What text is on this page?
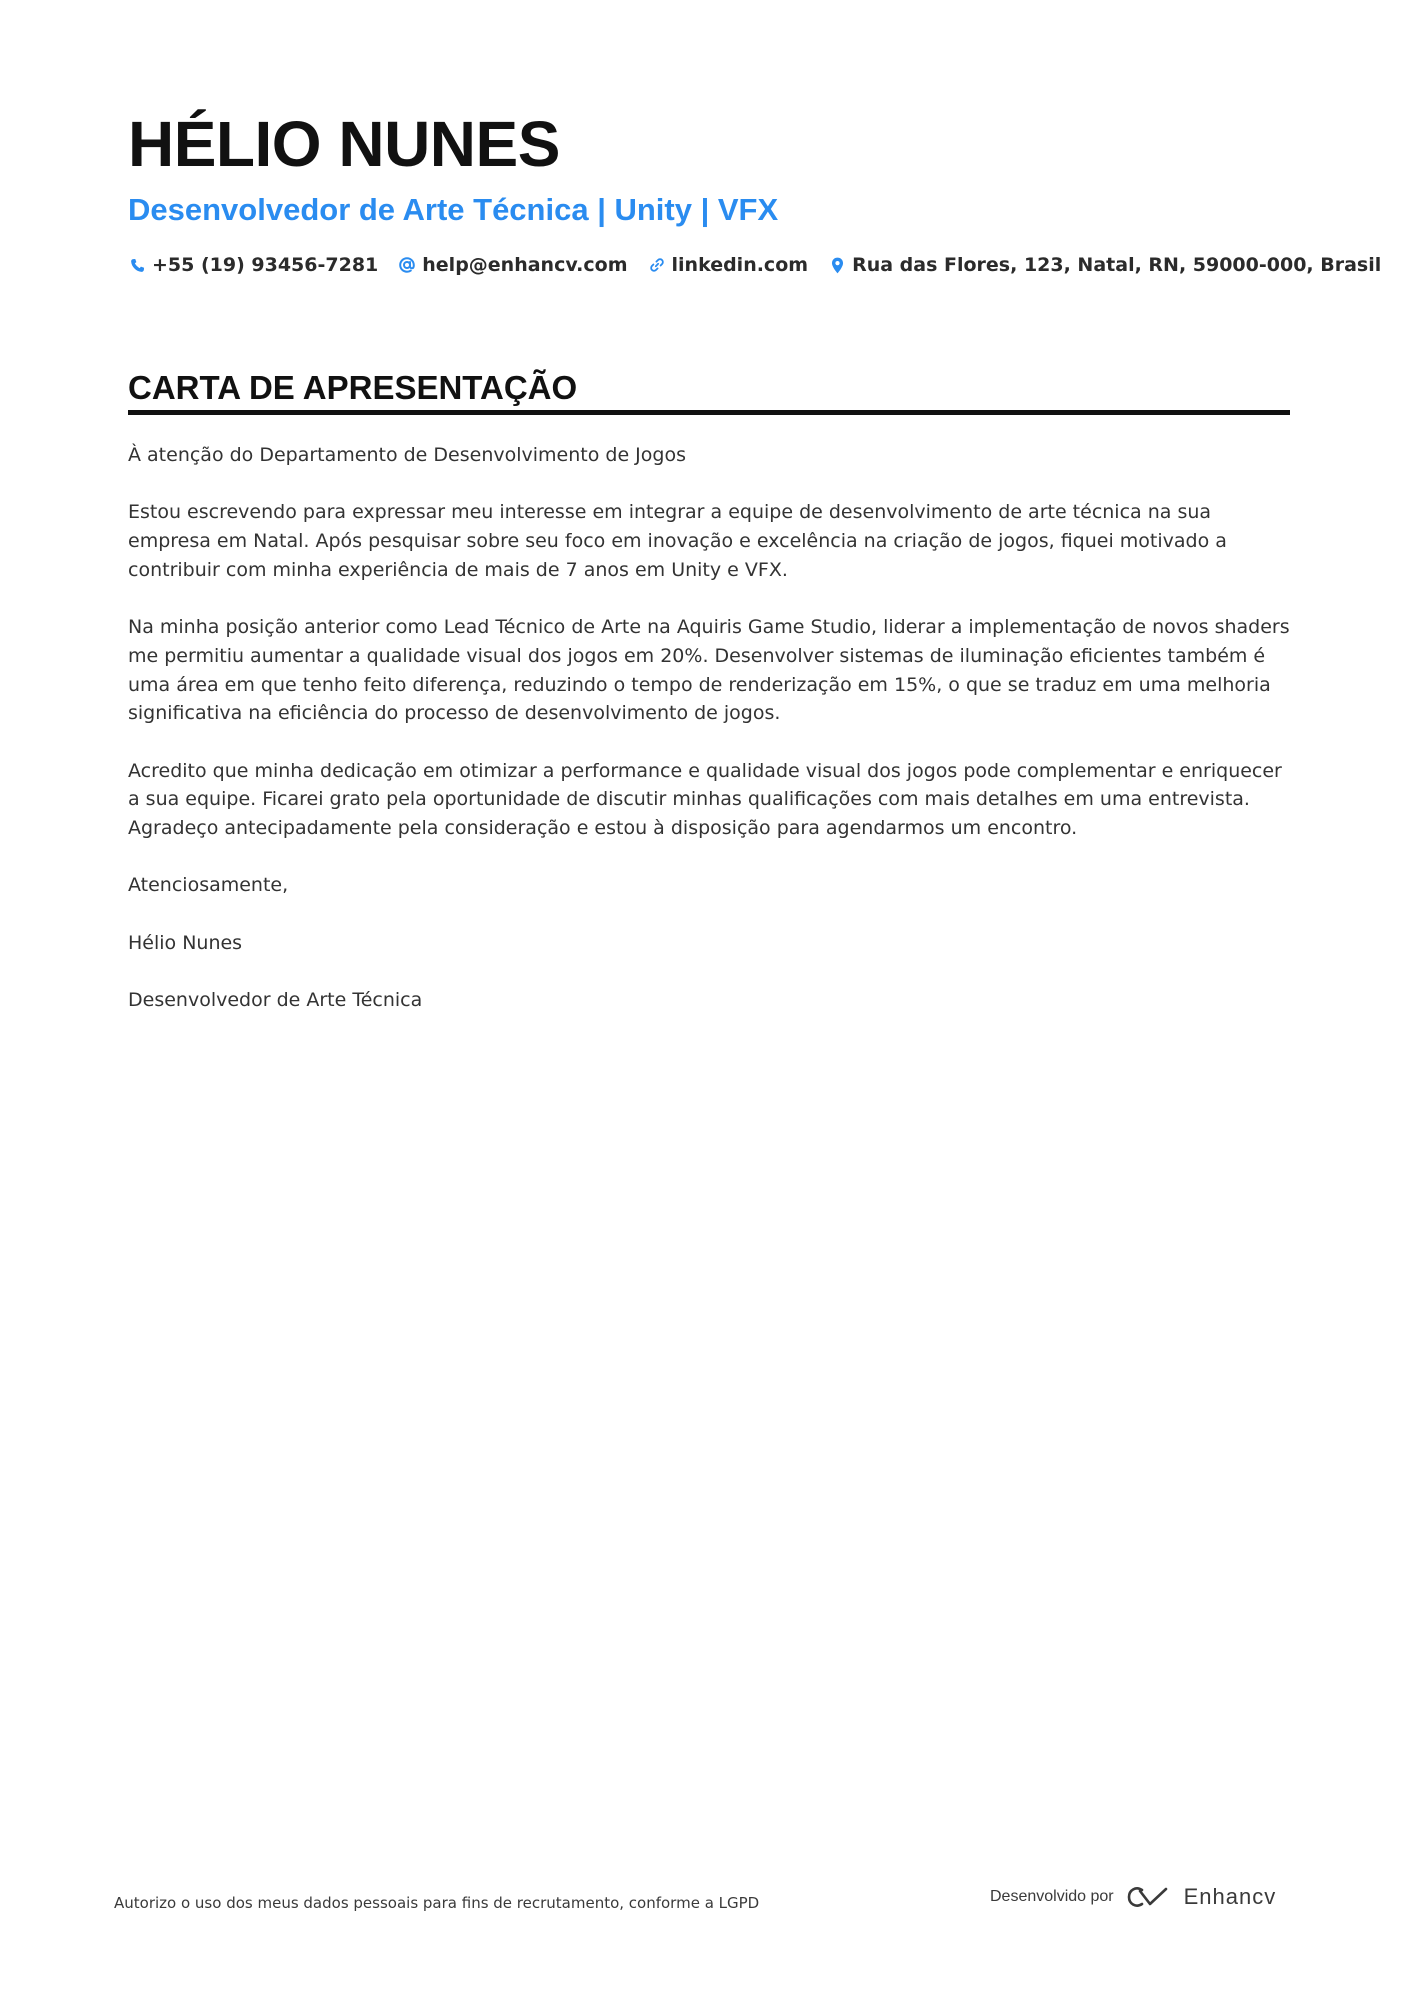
HÉLIO NUNES
Desenvolvedor de Arte Técnica | Unity | VFX
+55 (19) 93456-7281 help@enhancv.com linkedin.com Rua das Flores, 123, Natal, RN, 59000-000, Brasil
CARTA DE APRESENTAÇÃO

À atenção do Departamento de Desenvolvimento de Jogos

Estou escrevendo para expressar meu interesse em integrar a equipe de desenvolvimento de arte técnica na sua empresa em Natal. Após pesquisar sobre seu foco em inovação e excelência na criação de jogos, fiquei motivado a contribuir com minha experiência de mais de 7 anos em Unity e VFX.

Na minha posição anterior como Lead Técnico de Arte na Aquiris Game Studio, liderar a implementação de novos shaders me permitiu aumentar a qualidade visual dos jogos em 20%. Desenvolver sistemas de iluminação eficientes também é uma área em que tenho feito diferença, reduzindo o tempo de renderização em 15%, o que se traduz em uma melhoria significativa na eficiência do processo de desenvolvimento de jogos.

Acredito que minha dedicação em otimizar a performance e qualidade visual dos jogos pode complementar e enriquecer a sua equipe. Ficarei grato pela oportunidade de discutir minhas qualificações com mais detalhes em uma entrevista. Agradeço antecipadamente pela consideração e estou à disposição para agendarmos um encontro.

Atenciosamente,

Hélio Nunes

Desenvolvedor de Arte Técnica

Autorizo o uso dos meus dados pessoais para fins de recrutamento, conforme a LGPD	Desenvolvido por	Enhancv
